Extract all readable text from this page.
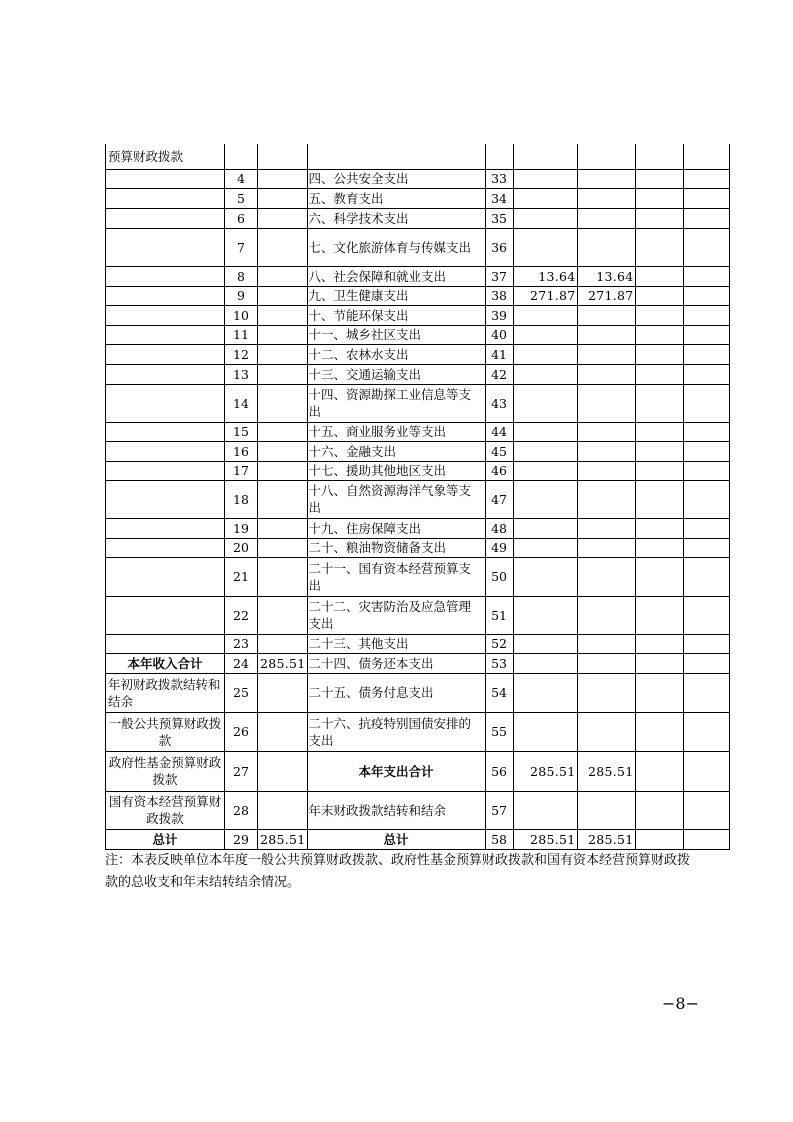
预算财政拨款								
	4		四、公共安全支出	33				
	5		五、教育支出	34				
	6		六、科学技术支出	35				
	7		七、文化旅游体育与传媒支出	36				
	8		八、社会保障和就业支出	37	13.64	13.64		
	9		九、卫生健康支出	38	271.87	271.87		
	10		十、节能环保支出	39				
	11		十一、城乡社区支出	40				
	12		十二、农林水支出	41				
	13		十三、交通运输支出	42				
	14		十四、资源勘探工业信息等支出	43				
	15		十五、商业服务业等支出	44				
	16		十六、金融支出	45				
	17		十七、援助其他地区支出	46				
	18		十八、自然资源海洋气象等支出	47				
	19		十九、住房保障支出	48				
	20		二十、粮油物资储备支出	49				
	21		二十一、国有资本经营预算支出	50				
	22		二十二、灾害防治及应急管理支出	51				
	23		二十三、其他支出	52				
本年收入合计	24	285.51	二十四、债务还本支出	53				
年初财政拨款结转和结余	25		二十五、债务付息支出	54				
一般公共预算财政拨款	26		二十六、抗疫特别国债安排的支出	55				
政府性基金预算财政拨款	27		本年支出合计	56	285.51	285.51		
国有资本经营预算财政拨款	28		年末财政拨款结转和结余	57				
总计	29	285.51	总计	58	285.51	285.51		
注：本表反映单位本年度一般公共预算财政拨款、政府性基金预算财政拨款和国有资本经营预算财政拨款的总收支和年末结转结余情况。
−8−
